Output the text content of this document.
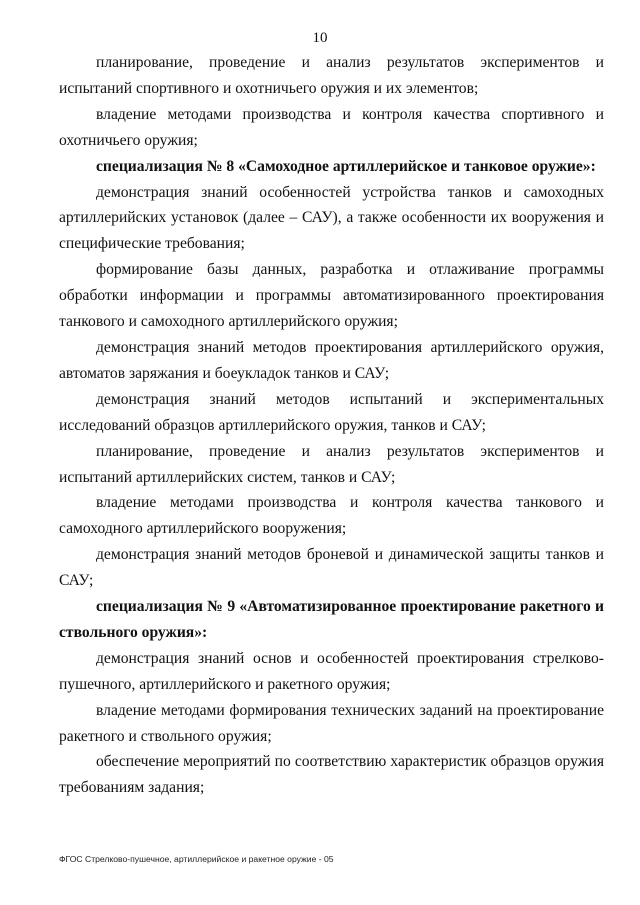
10

планирование, проведение и анализ результатов экспериментов и испытаний спортивного и охотничьего оружия и их элементов;

владение методами производства и контроля качества спортивного и охотничьего оружия;

специализация № 8 «Самоходное артиллерийское и танковое оружие»:

демонстрация знаний особенностей устройства танков и самоходных артиллерийских установок (далее – САУ), а также особенности их вооружения и специфические требования;

формирование базы данных, разработка и отлаживание программы обработки информации и программы автоматизированного проектирования танкового и самоходного артиллерийского оружия;

демонстрация знаний методов проектирования артиллерийского оружия, автоматов заряжания и боеукладок танков и САУ;

демонстрация знаний методов испытаний и экспериментальных исследований образцов артиллерийского оружия, танков и САУ;

планирование, проведение и анализ результатов экспериментов и испытаний артиллерийских систем, танков и САУ;

владение методами производства и контроля качества танкового и самоходного артиллерийского вооружения;

демонстрация знаний методов броневой и динамической защиты танков и САУ;

специализация № 9 «Автоматизированное проектирование ракетного и ствольного оружия»:

демонстрация знаний основ и особенностей проектирования стрелково-пушечного, артиллерийского и ракетного оружия;

владение методами формирования технических заданий на проектирование ракетного и ствольного оружия;

обеспечение мероприятий по соответствию характеристик образцов оружия требованиям задания;

ФГОС Стрелково-пушечное, артиллерийское и ракетное оружие - 05
